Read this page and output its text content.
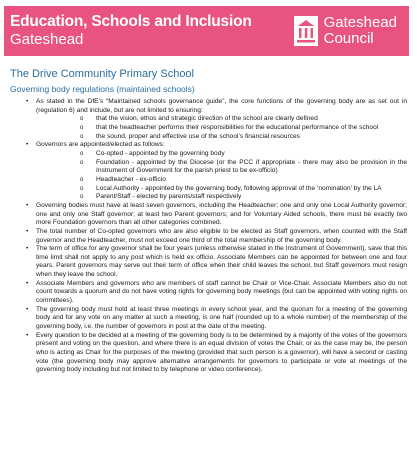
Education, Schools and Inclusion
Gateshead
Gateshead
Council
The Drive Community Primary School
Governing body regulations (maintained schools)
• As stated in the DfE’s “Maintained schools governance guide”, the core functions of the governing body are as set out in (regulation 6) and include, but are not limited to ensuring:
o that the vision, ethos and strategic direction of the school are clearly defined
o that the headteacher performs their responsibilities for the educational performance of the school
o the sound, proper and effective use of the school’s financial resources
• Governors are appointed/elected as follows:
o Co-opted - appointed by the governing body
o Foundation - appointed by the Diocese (or the PCC if appropriate - there may also be provision in the Instrument of Government for the parish priest to be ex-officio)
o Headteacher - ex-officio
o Local Authority - appointed by the governing body, following approval of the ‘nomination’ by the LA
o Parent/Staff - elected by parents/staff respectively
• Governing bodies must have at least seven governors, including the Headteacher; one and only one Local Authority governor; one and only one Staff governor; at least two Parent governors; and for Voluntary Aided schools, there must be exactly two more Foundation governors than all other categories combined.
• The total number of Co-opted governors who are also eligible to be elected as Staff governors, when counted with the Staff governor and the Headteacher, must not exceed one third of the total membership of the governing body.
• The term of office for any governor shall be four years (unless otherwise stated in the Instrument of Government), save that this time limit shall not apply to any post which is held ex officio. Associate Members can be appointed for between one and four years. Parent governors may serve out their term of office when their child leaves the school, but Staff governors must resign when they leave the school.
• Associate Members and governors who are members of staff cannot be Chair or Vice-Chair. Associate Members also do not count towards a quorum and do not have voting rights for governing body meetings (but can be appointed with voting rights on committees).
• The governing body must hold at least three meetings in every school year, and the quorum for a meeting of the governing body and for any vote on any matter at such a meeting, is one half (rounded up to a whole number) of the membership of the governing body, i.e. the number of governors in post at the date of the meeting.
• Every question to be decided at a meeting of the governing body is to be determined by a majority of the votes of the governors present and voting on the question, and where there is an equal division of votes the Chair, or as the case may be, the person who is acting as Chair for the purposes of the meeting (provided that such person is a governor), will have a second or casting vote (the governing body may approve alternative arrangements for governors to participate or vote at meetings of the governing body including but not limited to by telephone or video conference).
